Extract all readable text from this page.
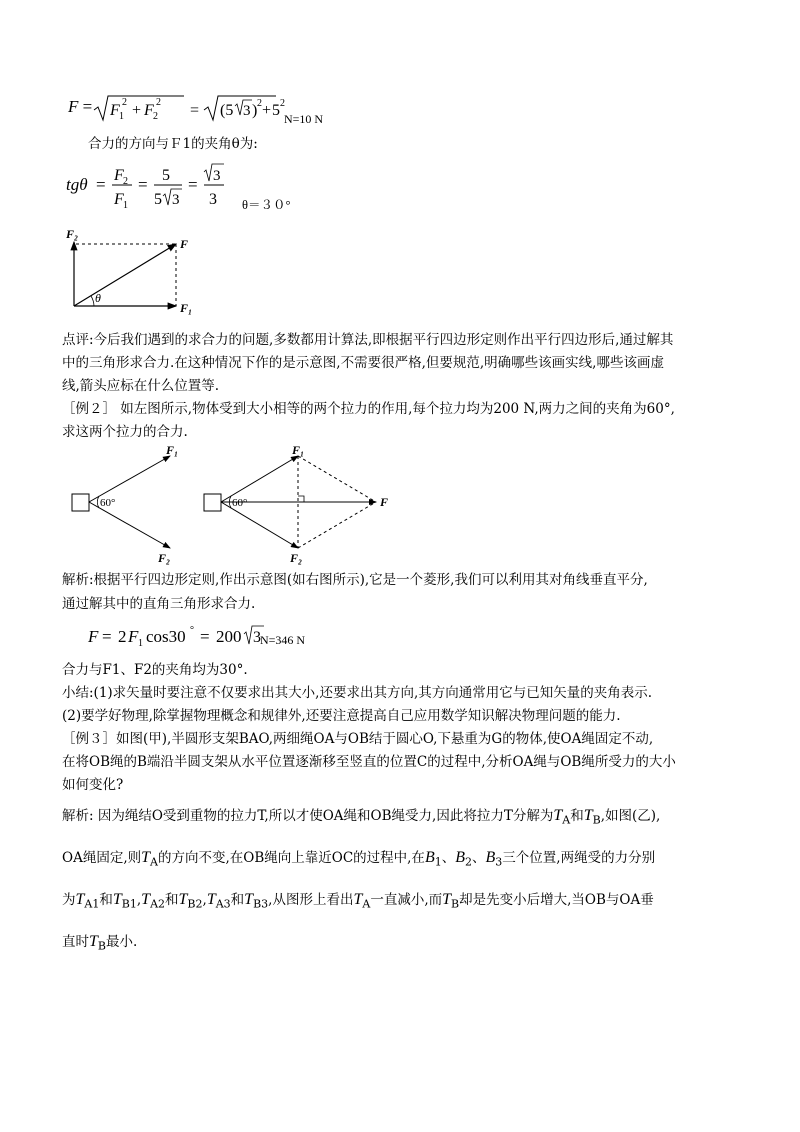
F = F 1
2 + F 2
2 = (5 3 ) 2 + 5 2
N=10 N
合力的方向与Ｆ1的夹角θ为:
tgθ = F 2
F 1
= 5
5 3
= 3
3 θ＝３０°
θ
F₂
F
F₁
点评:今后我们遇到的求合力的问题,多数都用计算法,即根据平行四边形定则作出平行四边形后,通过解其
中的三角形求合力.在这种情况下作的是示意图,不需要很严格,但要规范,明确哪些该画实线,哪些该画虚
线,箭头应标在什么位置等.
［例２］ 如左图所示,物体受到大小相等的两个拉力的作用,每个拉力均为200 N,两力之间的夹角为60°,
求这两个拉力的合力.
60°
F₁
F₂
60°
F₁
F₂
F
解析:根据平行四边形定则,作出示意图(如右图所示),它是一个菱形,我们可以利用其对角线垂直平分,
通过解其中的直角三角形求合力.
F = 2 F 1 cos30 ° = 200 3 N=346 N
合力与F1、F2的夹角均为30°.
小结:(1)求矢量时要注意不仅要求出其大小,还要求出其方向,其方向通常用它与已知矢量的夹角表示.
(2)要学好物理,除掌握物理概念和规律外,还要注意提高自己应用数学知识解决物理问题的能力.
［例３］如图(甲),半圆形支架BAO,两细绳OA与OB结于圆心O,下悬重为G的物体,使OA绳固定不动,
在将OB绳的B端沿半圆支架从水平位置逐渐移至竖直的位置C的过程中,分析OA绳与OB绳所受力的大小
如何变化?
解析: 因为绳结O受到重物的拉力T,所以才使OA绳和OB绳受力,因此将拉力T分解为$T_A$和$T_B$,如图(乙),
OA绳固定,则$T_A$的方向不变,在OB绳向上靠近OC的过程中,在$B_1$、$B_2$、$B_3$三个位置,两绳受的力分别
为$T_{A1}$和$T_{B1},T_{A2}$和$T_{B2},T_{A3}$和$T_{B3}$,从图形上看出$T_A$一直减小,而$T_B$却是先变小后增大,当OB与OA垂
直时$T_B$最小.
